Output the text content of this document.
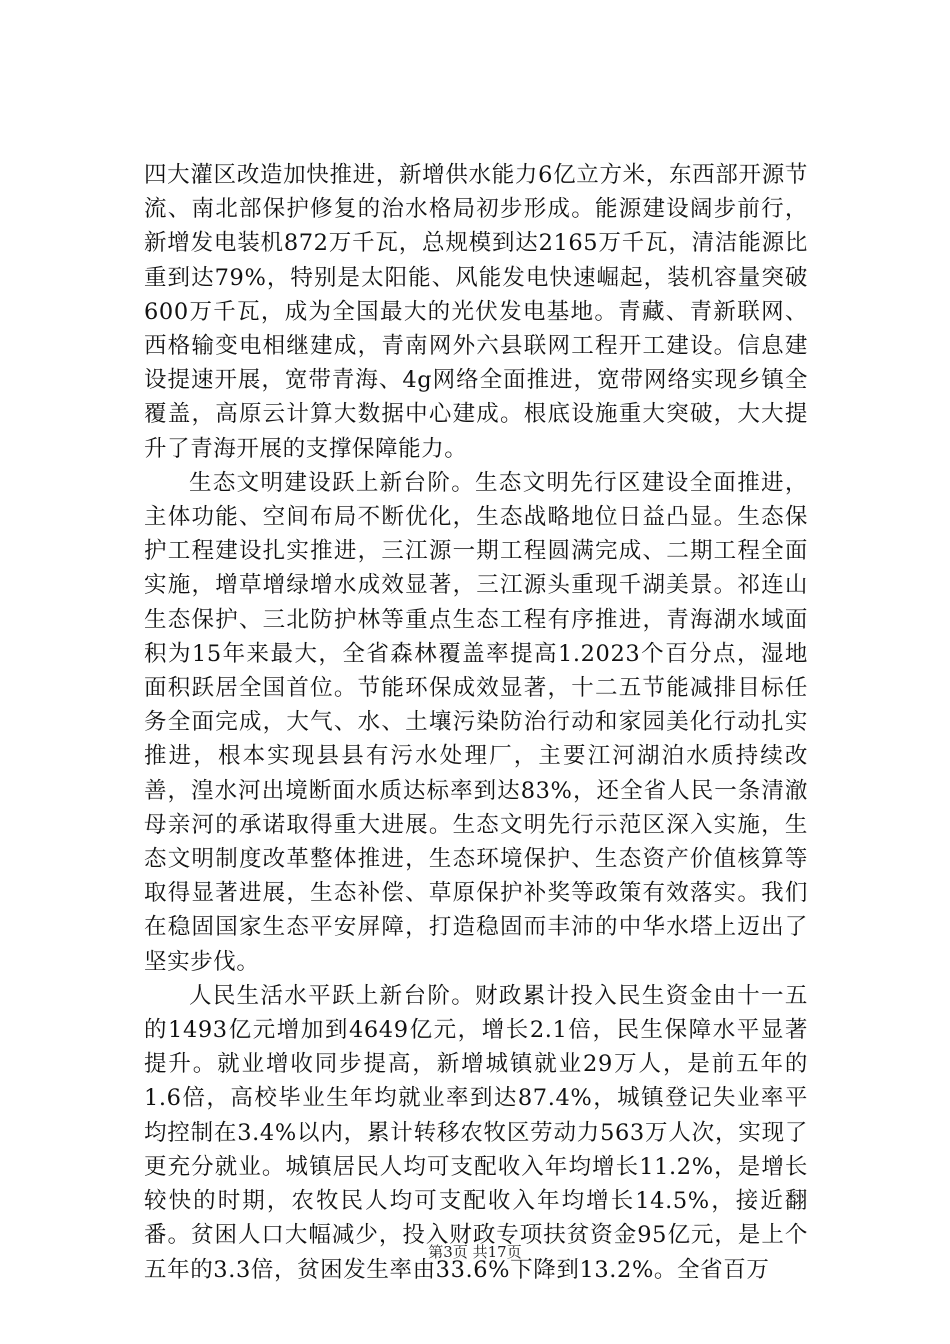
四大灌区改造加快推进，新增供水能力6亿立方米，东西部开源节流、南北部保护修复的治水格局初步形成。能源建设阔步前行，新增发电装机872万千瓦，总规模到达2165万千瓦，清洁能源比重到达79%，特别是太阳能、风能发电快速崛起，装机容量突破600万千瓦，成为全国最大的光伏发电基地。青藏、青新联网、西格输变电相继建成，青南网外六县联网工程开工建设。信息建设提速开展，宽带青海、4g网络全面推进，宽带网络实现乡镇全覆盖，高原云计算大数据中心建成。根底设施重大突破，大大提升了青海开展的支撑保障能力。

生态文明建设跃上新台阶。生态文明先行区建设全面推进，主体功能、空间布局不断优化，生态战略地位日益凸显。生态保护工程建设扎实推进，三江源一期工程圆满完成、二期工程全面实施，增草增绿增水成效显著，三江源头重现千湖美景。祁连山生态保护、三北防护林等重点生态工程有序推进，青海湖水域面积为15年来最大，全省森林覆盖率提高1.2023个百分点，湿地面积跃居全国首位。节能环保成效显著，十二五节能减排目标任务全面完成，大气、水、土壤污染防治行动和家园美化行动扎实推进，根本实现县县有污水处理厂，主要江河湖泊水质持续改善，湟水河出境断面水质达标率到达83%，还全省人民一条清澈母亲河的承诺取得重大进展。生态文明先行示范区深入实施，生态文明制度改革整体推进，生态环境保护、生态资产价值核算等取得显著进展，生态补偿、草原保护补奖等政策有效落实。我们在稳固国家生态平安屏障，打造稳固而丰沛的中华水塔上迈出了坚实步伐。

人民生活水平跃上新台阶。财政累计投入民生资金由十一五的1493亿元增加到4649亿元，增长2.1倍，民生保障水平显著提升。就业增收同步提高，新增城镇就业29万人，是前五年的1.6倍，高校毕业生年均就业率到达87.4%，城镇登记失业率平均控制在3.4%以内，累计转移农牧区劳动力563万人次，实现了更充分就业。城镇居民人均可支配收入年均增长11.2%，是增长较快的时期，农牧民人均可支配收入年均增长14.5%，接近翻番。贫困人口大幅减少，投入财政专项扶贫资金95亿元，是上个五年的3.3倍，贫困发生率由33.6%下降到13.2%。全省百万

第3页 共17页
